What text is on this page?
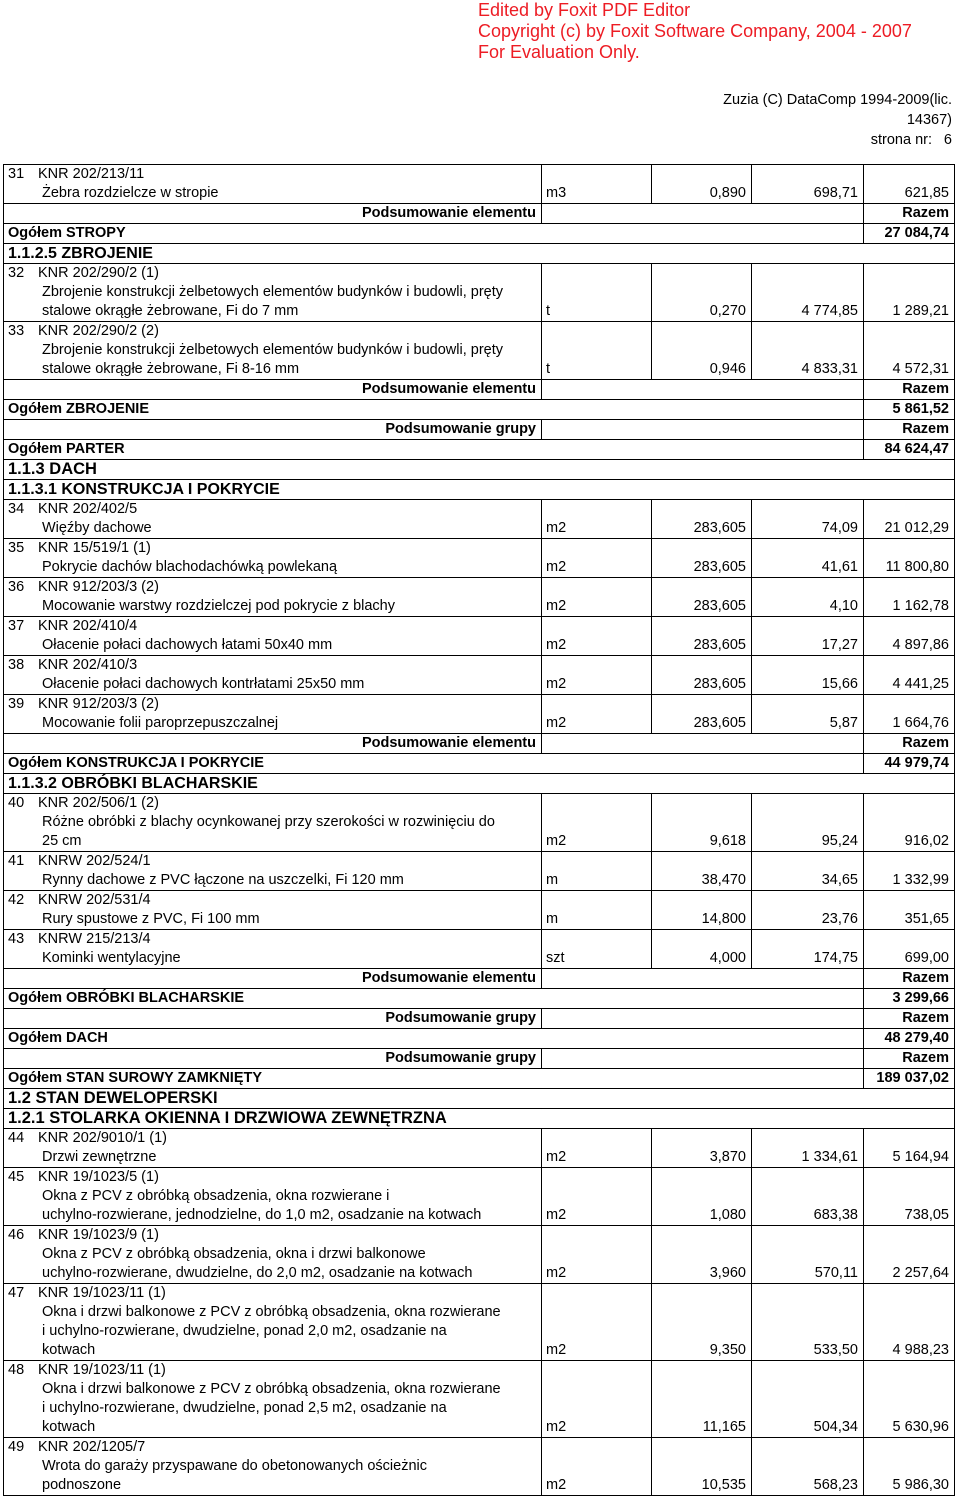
Edited by Foxit PDF Editor
Copyright (c) by Foxit Software Company, 2004 - 2007
For Evaluation Only.
Zuzia (C) DataComp 1994-2009(lic.
14367)
strona nr: 6
31 KNR 202/213/11
Żebra rozdzielcze w stropie	m3	0,890	698,71	621,85
Podsumowanie elementu				Razem
Ogółem STROPY				27 084,74
1.1.2.5 ZBROJENIE				

32 KNR 202/290/2 (1)
Zbrojenie konstrukcji żelbetowych elementów budynków i budowli, pręty
stalowe okrągłe żebrowane, Fi do 7 mm	t	0,270	4 774,85	1 289,21

33 KNR 202/290/2 (2)
Zbrojenie konstrukcji żelbetowych elementów budynków i budowli, pręty
stalowe okrągłe żebrowane, Fi 8-16 mm	t	0,946	4 833,31	4 572,31
Podsumowanie elementu				Razem
Ogółem ZBROJENIE				5 861,52
Podsumowanie grupy				Razem
Ogółem PARTER				84 624,47
1.1.3 DACH				
1.1.3.1 KONSTRUKCJA I POKRYCIE				

34 KNR 202/402/5
Więźby dachowe	m2	283,605	74,09	21 012,29

35 KNR 15/519/1 (1)
Pokrycie dachów blachodachówką powlekaną	m2	283,605	41,61	11 800,80

36 KNR 912/203/3 (2)
Mocowanie warstwy rozdzielczej pod pokrycie z blachy	m2	283,605	4,10	1 162,78

37 KNR 202/410/4
Ołacenie połaci dachowych łatami 50x40 mm	m2	283,605	17,27	4 897,86

38 KNR 202/410/3
Ołacenie połaci dachowych kontrłatami 25x50 mm	m2	283,605	15,66	4 441,25

39 KNR 912/203/3 (2)
Mocowanie folii paroprzepuszczalnej	m2	283,605	5,87	1 664,76
Podsumowanie elementu				Razem
Ogółem KONSTRUKCJA I POKRYCIE				44 979,74
1.1.3.2 OBRÓBKI BLACHARSKIE				

40 KNR 202/506/1 (2)
Różne obróbki z blachy ocynkowanej przy szerokości w rozwinięciu do
25 cm	m2	9,618	95,24	916,02

41 KNRW 202/524/1
Rynny dachowe z PVC łączone na uszczelki, Fi 120 mm	m	38,470	34,65	1 332,99

42 KNRW 202/531/4
Rury spustowe z PVC, Fi 100 mm	m	14,800	23,76	351,65

43 KNRW 215/213/4
Kominki wentylacyjne	szt	4,000	174,75	699,00
Podsumowanie elementu				Razem
Ogółem OBRÓBKI BLACHARSKIE				3 299,66
Podsumowanie grupy				Razem
Ogółem DACH				48 279,40
Podsumowanie grupy				Razem
Ogółem STAN SUROWY ZAMKNIĘTY				189 037,02
1.2 STAN DEWELOPERSKI				
1.2.1 STOLARKA OKIENNA I DRZWIOWA ZEWNĘTRZNA				

44 KNR 202/9010/1 (1)
Drzwi zewnętrzne	m2	3,870	1 334,61	5 164,94

45 KNR 19/1023/5 (1)
Okna z PCV z obróbką obsadzenia, okna rozwierane i
uchylno-rozwierane, jednodzielne, do 1,0 m2, osadzanie na kotwach	m2	1,080	683,38	738,05

46 KNR 19/1023/9 (1)
Okna z PCV z obróbką obsadzenia, okna i drzwi balkonowe
uchylno-rozwierane, dwudzielne, do 2,0 m2, osadzanie na kotwach	m2	3,960	570,11	2 257,64

47 KNR 19/1023/11 (1)
Okna i drzwi balkonowe z PCV z obróbką obsadzenia, okna rozwierane
i uchylno-rozwierane, dwudzielne, ponad 2,0 m2, osadzanie na
kotwach	m2	9,350	533,50	4 988,23

48 KNR 19/1023/11 (1)
Okna i drzwi balkonowe z PCV z obróbką obsadzenia, okna rozwierane
i uchylno-rozwierane, dwudzielne, ponad 2,5 m2, osadzanie na
kotwach	m2	11,165	504,34	5 630,96

49 KNR 202/1205/7
Wrota do garaży przyspawane do obetonowanych ościeżnic
podnoszone	m2	10,535	568,23	5 986,30
